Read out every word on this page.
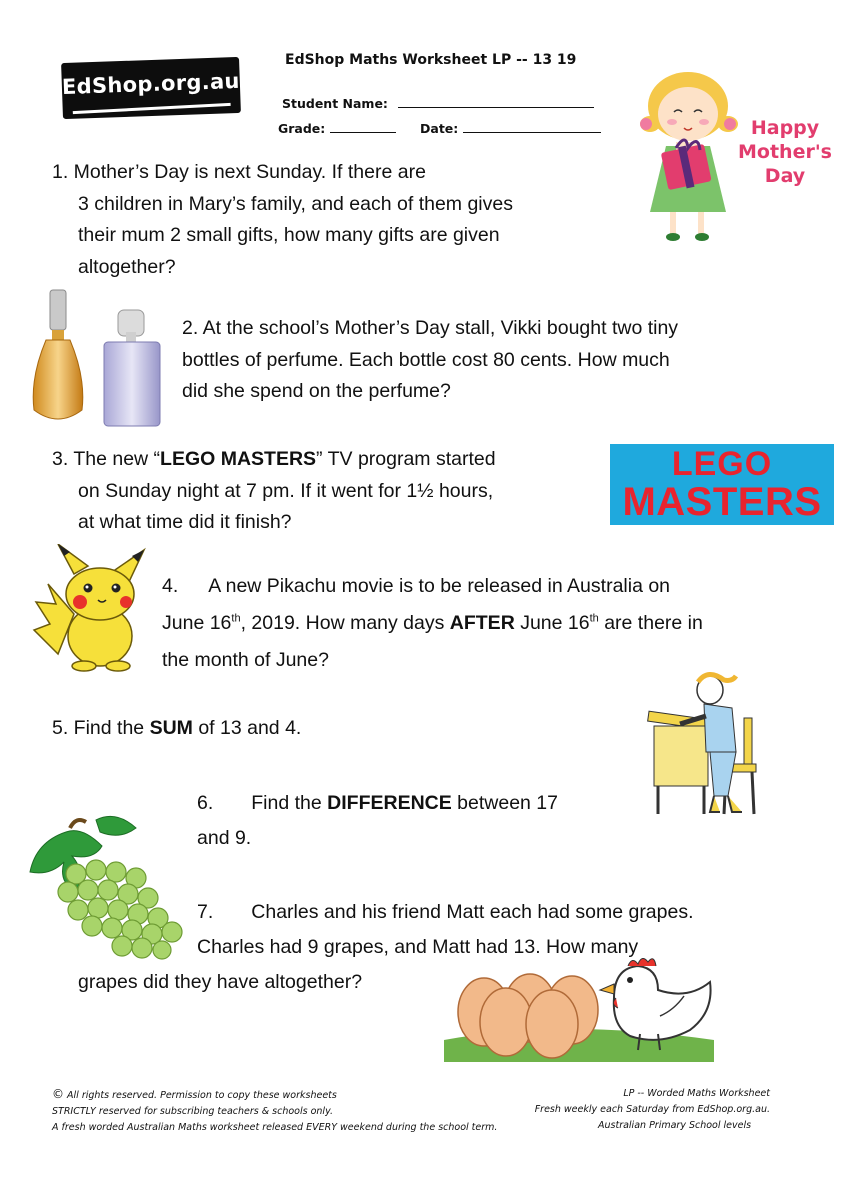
EdShop.org.au
EdShop Maths Worksheet LP -- 13 19
Student Name:
Grade:	Date:	Happy
Mother's
Day
1. Mother’s Day is next Sunday. If there are
3 children in Mary’s family, and each of them gives
their mum 2 small gifts, how many gifts are given
altogether?
2. At the school’s Mother’s Day stall, Vikki bought two tiny
bottles of perfume. Each bottle cost 80 cents. How much
did she spend on the perfume?
3. The new “LEGO MASTERS” TV program started
on Sunday night at 7 pm. If it went for 1½ hours,
at what time did it finish?
LEGO
MASTERS
4. A new Pikachu movie is to be released in Australia on
June 16th, 2019. How many days AFTER June 16th are there in
the month of June?
5. Find the SUM of 13 and 4.
6. Find the DIFFERENCE between 17
and 9.
7. Charles and his friend Matt each had some grapes.
Charles had 9 grapes, and Matt had 13. How many
grapes did they have altogether?
© All rights reserved. Permission to copy these worksheets
STRICTLY reserved for subscribing teachers & schools only.
A fresh worded Australian Maths worksheet released EVERY weekend during the school term.
LP -- Worded Maths Worksheet
Fresh weekly each Saturday from EdShop.org.au.
Australian Primary School levels
